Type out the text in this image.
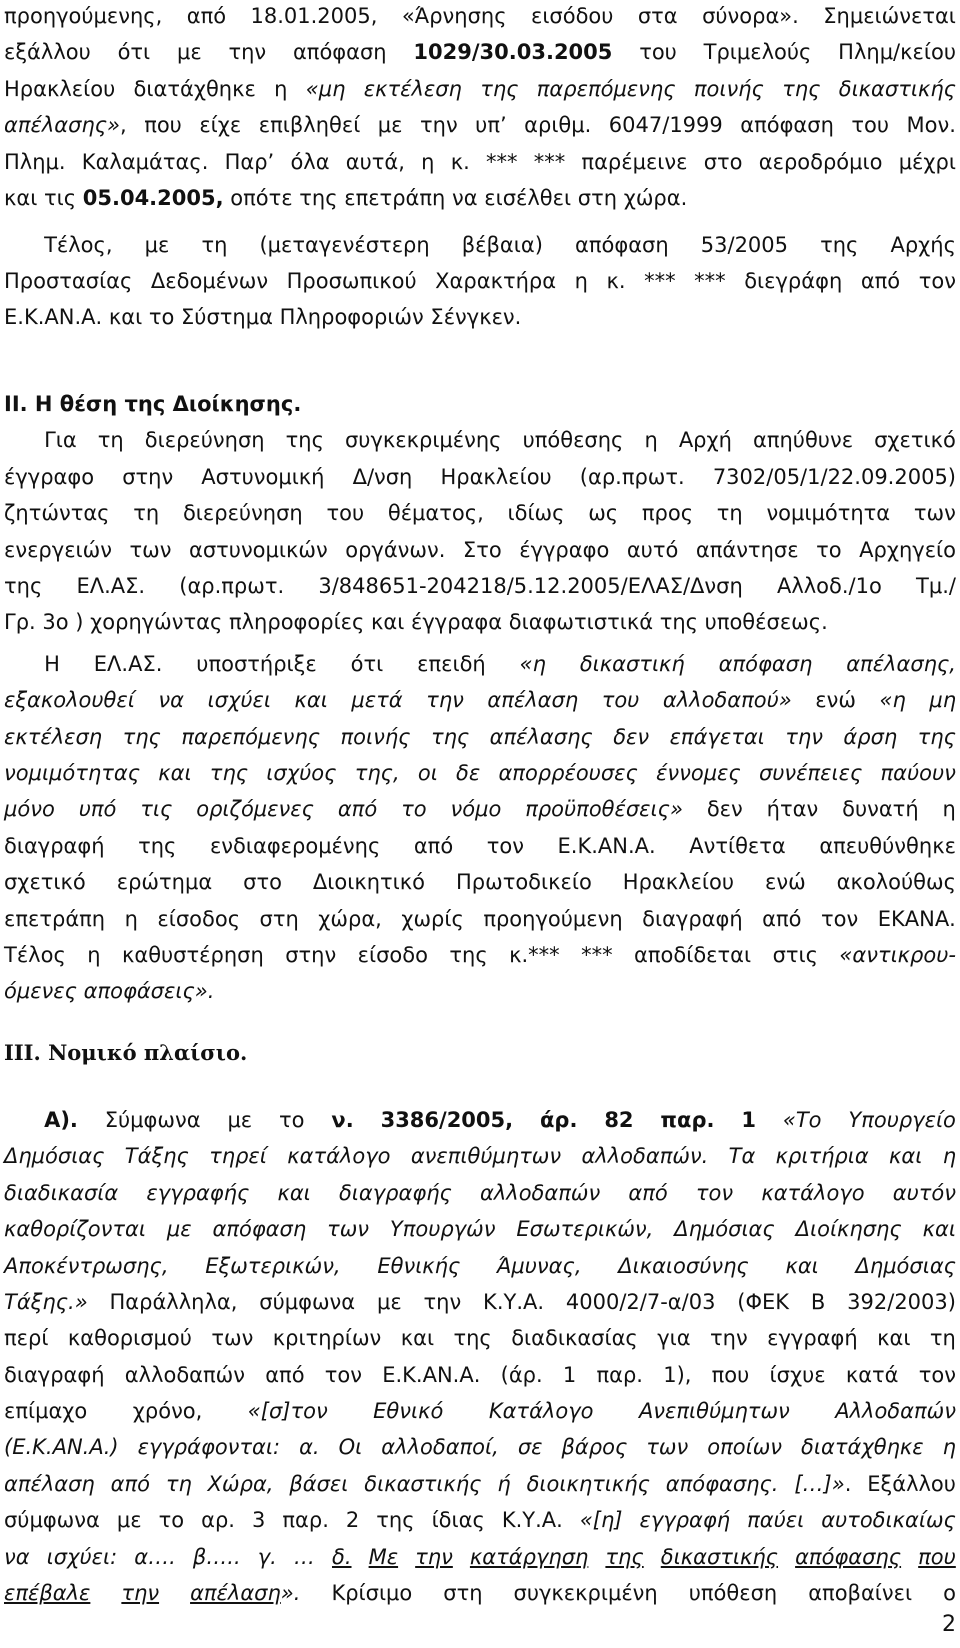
ΙΙΙ. Νομικό πλαίσιο.
2
προηγούμενης, από 18.01.2005, «Άρνησης εισόδου στα σύνορα». Σημειώνεται
εξάλλου ότι με την απόφαση 1029/30.03.2005 του Τριμελούς Πλημ/κείου
Ηρακλείου διατάχθηκε η «μη εκτέλεση της παρεπόμενης ποινής της δικαστικής
απέλασης», που είχε επιβληθεί με την υπ’ αριθμ. 6047/1999 απόφαση του Μον.
Πλημ. Καλαμάτας. Παρ’ όλα αυτά, η κ. *** *** παρέμεινε στο αεροδρόμιο μέχρι
και τις 05.04.2005, οπότε της επετράπη να εισέλθει στη χώρα.
Τέλος, με τη (μεταγενέστερη βέβαια) απόφαση 53/2005 της Αρχής
Προστασίας Δεδομένων Προσωπικού Χαρακτήρα η κ. *** *** διεγράφη από τον
Ε.Κ.ΑΝ.Α. και το Σύστημα Πληροφοριών Σένγκεν.
ΙΙ. Η θέση της Διοίκησης.
Για τη διερεύνηση της συγκεκριμένης υπόθεσης η Αρχή απηύθυνε σχετικό
έγγραφο στην Αστυνομική Δ/νση Ηρακλείου (αρ.πρωτ. 7302/05/1/22.09.2005)
ζητώντας τη διερεύνηση του θέματος, ιδίως ως προς τη νομιμότητα των
ενεργειών των αστυνομικών οργάνων. Στο έγγραφο αυτό απάντησε το Αρχηγείο
της ΕΛ.ΑΣ. (αρ.πρωτ. 3/848651-204218/5.12.2005/ΕΛΑΣ/Δνση Αλλοδ./1ο Τμ./
Γρ. 3ο ) χορηγώντας πληροφορίες και έγγραφα διαφωτιστικά της υποθέσεως.
Η ΕΛ.ΑΣ. υποστήριξε ότι επειδή «η δικαστική απόφαση απέλασης,
εξακολουθεί να ισχύει και μετά την απέλαση του αλλοδαπού» ενώ «η μη
εκτέλεση της παρεπόμενης ποινής της απέλασης δεν επάγεται την άρση της
νομιμότητας και της ισχύος της, οι δε απορρέουσες έννομες συνέπειες παύουν
μόνο υπό τις οριζόμενες από το νόμο προϋποθέσεις» δεν ήταν δυνατή η
διαγραφή της ενδιαφερομένης από τον Ε.Κ.ΑΝ.Α. Αντίθετα απευθύνθηκε
σχετικό ερώτημα στο Διοικητικό Πρωτοδικείο Ηρακλείου ενώ ακολούθως
επετράπη η είσοδος στη χώρα, χωρίς προηγούμενη διαγραφή από τον ΕΚΑΝΑ.
Τέλος η καθυστέρηση στην είσοδο της κ.*** *** αποδίδεται στις «αντικρου-
όμενες αποφάσεις».
Α). Σύμφωνα με το ν. 3386/2005, άρ. 82 παρ. 1 «Το Υπουργείο
Δημόσιας Τάξης τηρεί κατάλογο ανεπιθύμητων αλλοδαπών. Τα κριτήρια και η
διαδικασία εγγραφής και διαγραφής αλλοδαπών από τον κατάλογο αυτόν
καθορίζονται με απόφαση των Υπουργών Εσωτερικών, Δημόσιας Διοίκησης και
Αποκέντρωσης, Εξωτερικών, Εθνικής Άμυνας, Δικαιοσύνης και Δημόσιας
Τάξης.» Παράλληλα, σύμφωνα με την Κ.Υ.Α. 4000/2/7-α/03 (ΦΕΚ Β 392/2003)
περί καθορισμού των κριτηρίων και της διαδικασίας για την εγγραφή και τη
διαγραφή αλλοδαπών από τον Ε.Κ.ΑΝ.Α. (άρ. 1 παρ. 1), που ίσχυε κατά τον
επίμαχο χρόνο, «[σ]τον Εθνικό Κατάλογο Ανεπιθύμητων Αλλοδαπών
(Ε.Κ.ΑΝ.Α.) εγγράφονται: α. Οι αλλοδαποί, σε βάρος των οποίων διατάχθηκε η
απέλαση από τη Χώρα, βάσει δικαστικής ή διοικητικής απόφασης. […]». Εξάλλου
σύμφωνα με το αρ. 3 παρ. 2 της ίδιας Κ.Υ.Α. «[η] εγγραφή παύει αυτοδικαίως
να ισχύει: α…. β….. γ. … δ. Με την κατάργηση της δικαστικής απόφασης που
επέβαλε την απέλαση». Κρίσιμο στη συγκεκριμένη υπόθεση αποβαίνει ο
